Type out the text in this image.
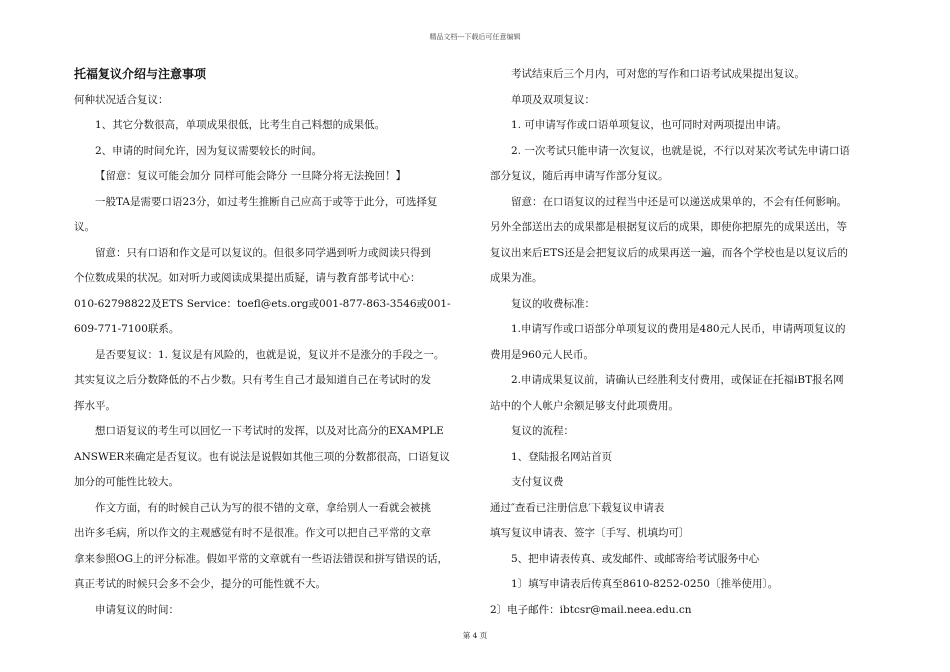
精品文档---下载后可任意编辑
托福复议介绍与注意事项
何种状况适合复议：
1、其它分数很高，单项成果很低，比考生自己料想的成果低。
2、申请的时间允许，因为复议需要较长的时间。
【留意：复议可能会加分 同样可能会降分 一旦降分将无法挽回！】
一般TA是需要口语23分，如过考生推断自己应高于或等于此分，可选择复
议。
留意：只有口语和作文是可以复议的。但很多同学遇到听力或阅读只得到
个位数成果的状况。如对听力或阅读成果提出质疑，请与教育部考试中心：
010-62798822及ETS Service：toefl@ets.org或001-877-863-3546或001-
609-771-7100联系。
是否要复议：1. 复议是有风险的，也就是说，复议并不是涨分的手段之一。
其实复议之后分数降低的不占少数。只有考生自己才最知道自己在考试时的发
挥水平。
想口语复议的考生可以回忆一下考试时的发挥，以及对比高分的EXAMPLE
ANSWER来确定是否复议。也有说法是说假如其他三项的分数都很高，口语复议
加分的可能性比较大。
作文方面，有的时候自己认为写的很不错的文章，拿给别人一看就会被挑
出许多毛病，所以作文的主观感觉有时不是很准。作文可以把自己平常的文章
拿来参照OG上的评分标准。假如平常的文章就有一些语法错误和拼写错误的话，
真正考试的时候只会多不会少，提分的可能性就不大。
申请复议的时间：
考试结束后三个月内，可对您的写作和口语考试成果提出复议。
单项及双项复议：
1. 可申请写作或口语单项复议，也可同时对两项提出申请。
2. 一次考试只能申请一次复议，也就是说，不行以对某次考试先申请口语
部分复议，随后再申请写作部分复议。
留意：在口语复议的过程当中还是可以递送成果单的，不会有任何影响。
另外全部送出去的成果都是根据复议后的成果，即使你把原先的成果送出，等
复议出来后ETS还是会把复议后的成果再送一遍，而各个学校也是以复议后的
成果为准。
复议的收费标准：
1.申请写作或口语部分单项复议的费用是480元人民币，申请两项复议的
费用是960元人民币。
2.申请成果复议前，请确认已经胜利支付费用，或保证在托福iBT报名网
站中的个人帐户余额足够支付此项费用。
复议的流程：
1、登陆报名网站首页
支付复议费
通过″查看已注册信息′下载复议申请表
填写复议申请表、签字〔手写、机填均可〕
5、把申请表传真、或发邮件、或邮寄给考试服务中心
1〕填写申请表后传真至8610-8252-0250〔推举使用〕。
2〕电子邮件：ibtcsr@mail.neea.edu.cn
第 4 页
